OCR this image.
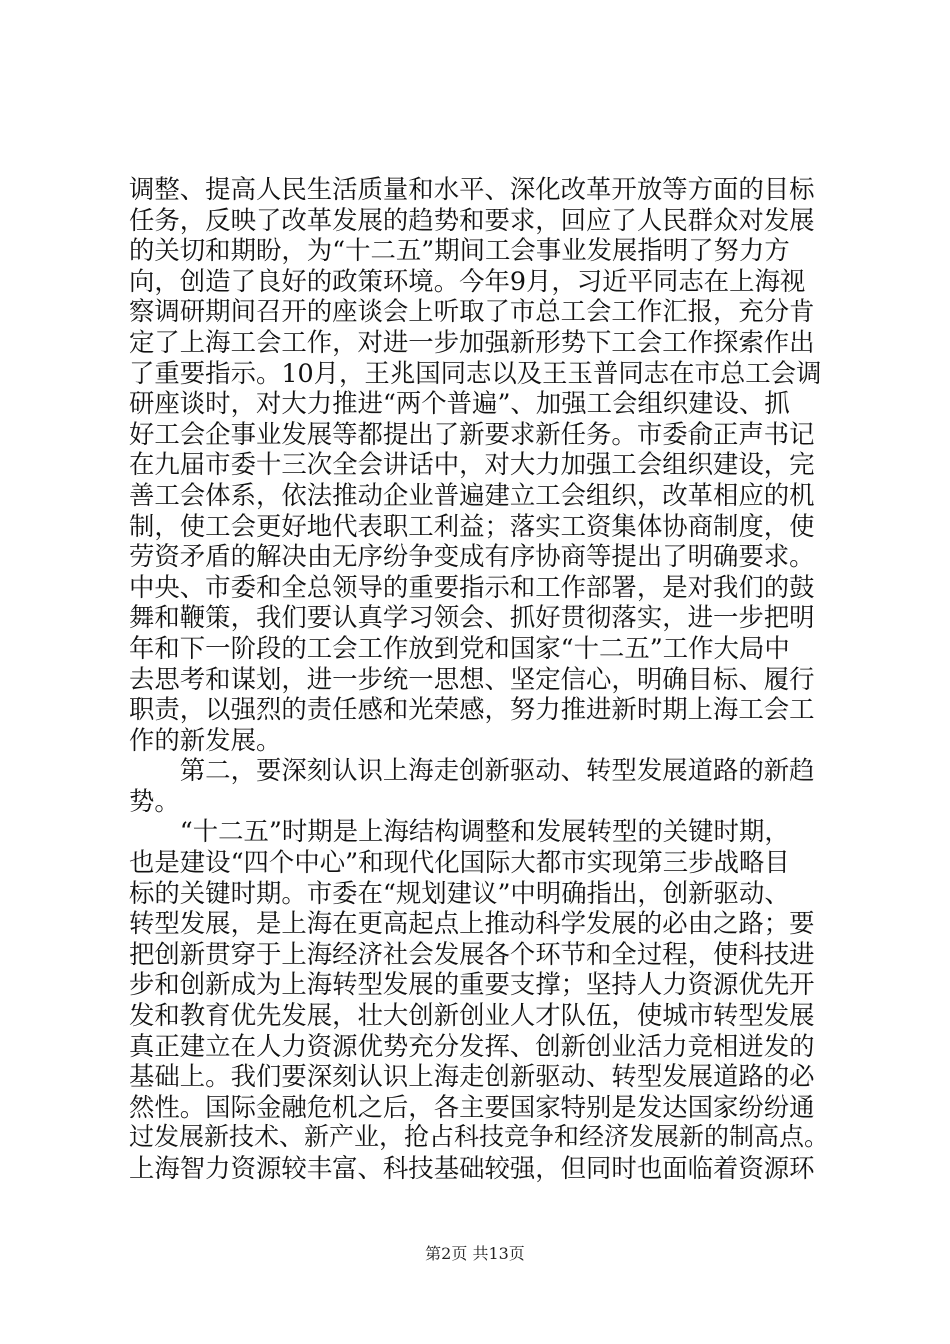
调整、提高人民生活质量和水平、深化改革开放等方面的目标
任务，反映了改革发展的趋势和要求，回应了人民群众对发展
的关切和期盼，为“十二五”期间工会事业发展指明了努力方
向，创造了良好的政策环境。今年9月，习近平同志在上海视
察调研期间召开的座谈会上听取了市总工会工作汇报，充分肯
定了上海工会工作，对进一步加强新形势下工会工作探索作出
了重要指示。10月，王兆国同志以及王玉普同志在市总工会调
研座谈时，对大力推进“两个普遍”、加强工会组织建设、抓
好工会企事业发展等都提出了新要求新任务。市委俞正声书记
在九届市委十三次全会讲话中，对大力加强工会组织建设，完
善工会体系，依法推动企业普遍建立工会组织，改革相应的机
制，使工会更好地代表职工利益；落实工资集体协商制度，使
劳资矛盾的解决由无序纷争变成有序协商等提出了明确要求。
中央、市委和全总领导的重要指示和工作部署，是对我们的鼓
舞和鞭策，我们要认真学习领会、抓好贯彻落实，进一步把明
年和下一阶段的工会工作放到党和国家“十二五”工作大局中
去思考和谋划，进一步统一思想、坚定信心，明确目标、履行
职责，以强烈的责任感和光荣感，努力推进新时期上海工会工
作的新发展。
　　第二，要深刻认识上海走创新驱动、转型发展道路的新趋
势。
　　“十二五”时期是上海结构调整和发展转型的关键时期，
也是建设“四个中心”和现代化国际大都市实现第三步战略目
标的关键时期。市委在“规划建议”中明确指出，创新驱动、
转型发展，是上海在更高起点上推动科学发展的必由之路；要
把创新贯穿于上海经济社会发展各个环节和全过程，使科技进
步和创新成为上海转型发展的重要支撑；坚持人力资源优先开
发和教育优先发展，壮大创新创业人才队伍，使城市转型发展
真正建立在人力资源优势充分发挥、创新创业活力竞相迸发的
基础上。我们要深刻认识上海走创新驱动、转型发展道路的必
然性。国际金融危机之后，各主要国家特别是发达国家纷纷通
过发展新技术、新产业，抢占科技竞争和经济发展新的制高点。
上海智力资源较丰富、科技基础较强，但同时也面临着资源环
第2页 共13页
